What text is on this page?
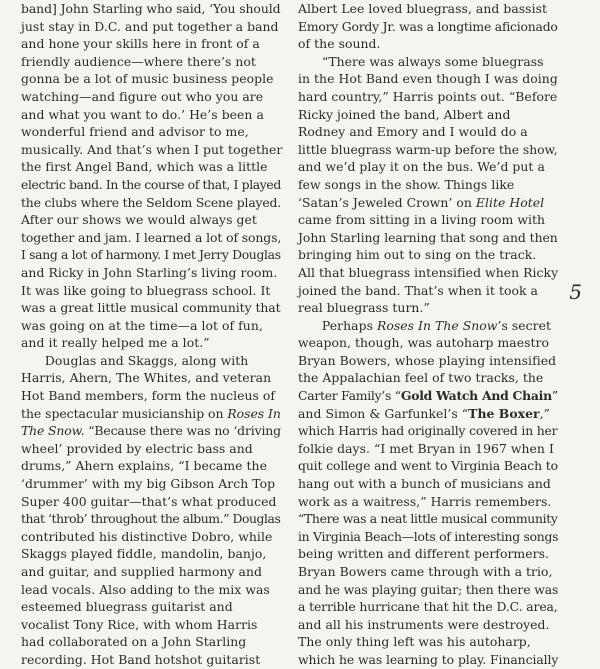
band] John Starling who said, ‘You should
just stay in D.C. and put together a band
and hone your skills here in front of a
friendly audience—where there’s not
gonna be a lot of music business people
watching—and figure out who you are
and what you want to do.’ He’s been a
wonderful friend and advisor to me,
musically. And that’s when I put together
the first Angel Band, which was a little
electric band. In the course of that, I played
the clubs where the Seldom Scene played.
After our shows we would always get
together and jam. I learned a lot of songs,
I sang a lot of harmony. I met Jerry Douglas
and Ricky in John Starling’s living room.
It was like going to bluegrass school. It
was a great little musical community that
was going on at the time—a lot of fun,
and it really helped me a lot.”
Douglas and Skaggs, along with
Harris, Ahern, The Whites, and veteran
Hot Band members, form the nucleus of
the spectacular musicianship on Roses In
The Snow. “Because there was no ‘driving
wheel’ provided by electric bass and
drums,” Ahern explains, “I became the
‘drummer’ with my big Gibson Arch Top
Super 400 guitar—that’s what produced
that ‘throb’ throughout the album.” Douglas
contributed his distinctive Dobro, while
Skaggs played fiddle, mandolin, banjo,
and guitar, and supplied harmony and
lead vocals. Also adding to the mix was
esteemed bluegrass guitarist and
vocalist Tony Rice, with whom Harris
had collaborated on a John Starling
recording. Hot Band hotshot guitarist
Albert Lee loved bluegrass, and bassist
Emory Gordy Jr. was a longtime aficionado
of the sound.
“There was always some bluegrass
in the Hot Band even though I was doing
hard country,” Harris points out. “Before
Ricky joined the band, Albert and
Rodney and Emory and I would do a
little bluegrass warm-up before the show,
and we’d play it on the bus. We’d put a
few songs in the show. Things like
‘Satan’s Jeweled Crown’ on Elite Hotel
came from sitting in a living room with
John Starling learning that song and then
bringing him out to sing on the track.
All that bluegrass intensified when Ricky
joined the band. That’s when it took a
real bluegrass turn.”
Perhaps Roses In The Snow’s secret
weapon, though, was autoharp maestro
Bryan Bowers, whose playing intensified
the Appalachian feel of two tracks, the
Carter Family’s “Gold Watch And Chain”
and Simon & Garfunkel’s “The Boxer,”
which Harris had originally covered in her
folkie days. “I met Bryan in 1967 when I
quit college and went to Virginia Beach to
hang out with a bunch of musicians and
work as a waitress,” Harris remembers.
“There was a neat little musical community
in Virginia Beach—lots of interesting songs
being written and different performers.
Bryan Bowers came through with a trio,
and he was playing guitar; then there was
a terrible hurricane that hit the D.C. area,
and all his instruments were destroyed.
The only thing left was his autoharp,
which he was learning to play. Financially
5
